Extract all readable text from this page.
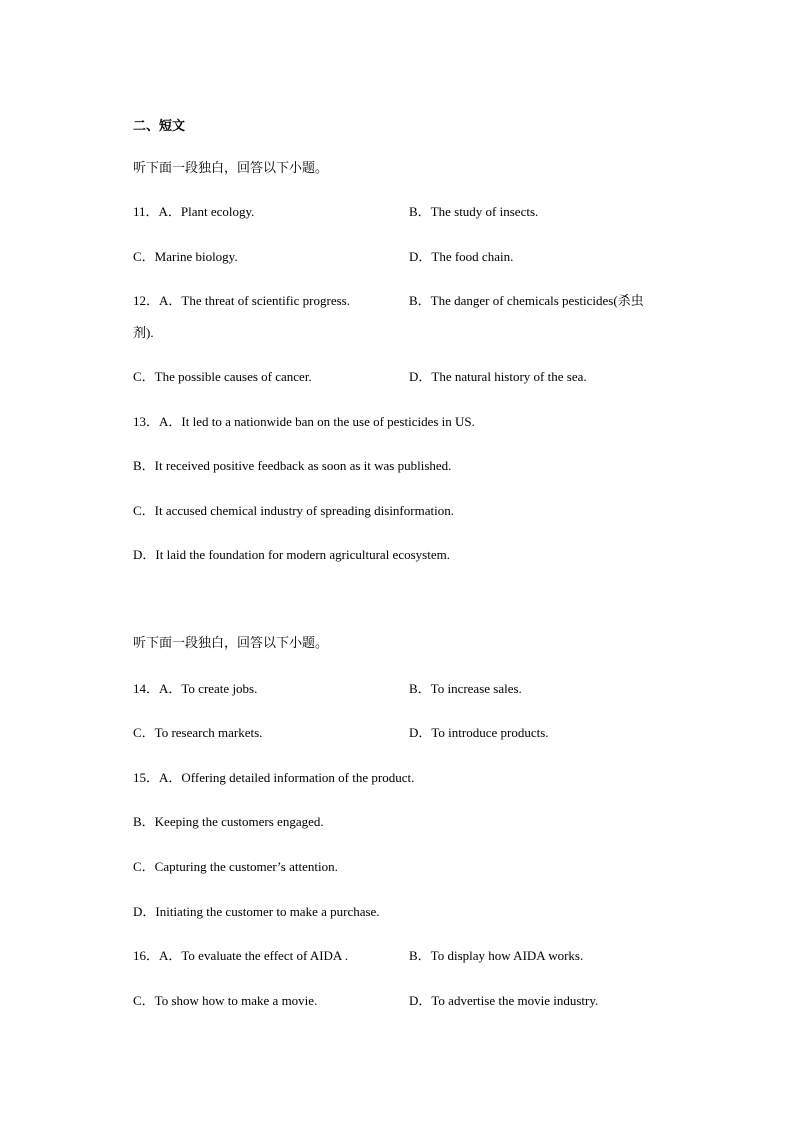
二、短文
听下面一段独白，回答以下小题。
11．A．Plant ecology.	B．The study of insects.
C．Marine biology.	D．The food chain.
12．A．The threat of scientific progress.	B．The danger of chemicals pesticides(杀虫
剂).
C．The possible causes of cancer.	D．The natural history of the sea.
13．A．It led to a nationwide ban on the use of pesticides in US.
B．It received positive feedback as soon as it was published.
C．It accused chemical industry of spreading disinformation.
D．It laid the foundation for modern agricultural ecosystem.
听下面一段独白，回答以下小题。
14．A．To create jobs.	B．To increase sales.
C．To research markets.	D．To introduce products.
15．A．Offering detailed information of the product.
B．Keeping the customers engaged.
C．Capturing the customer’s attention.
D．Initiating the customer to make a purchase.
16．A．To evaluate the effect of AIDA .	B．To display how AIDA works.
C．To show how to make a movie.	D．To advertise the movie industry.
